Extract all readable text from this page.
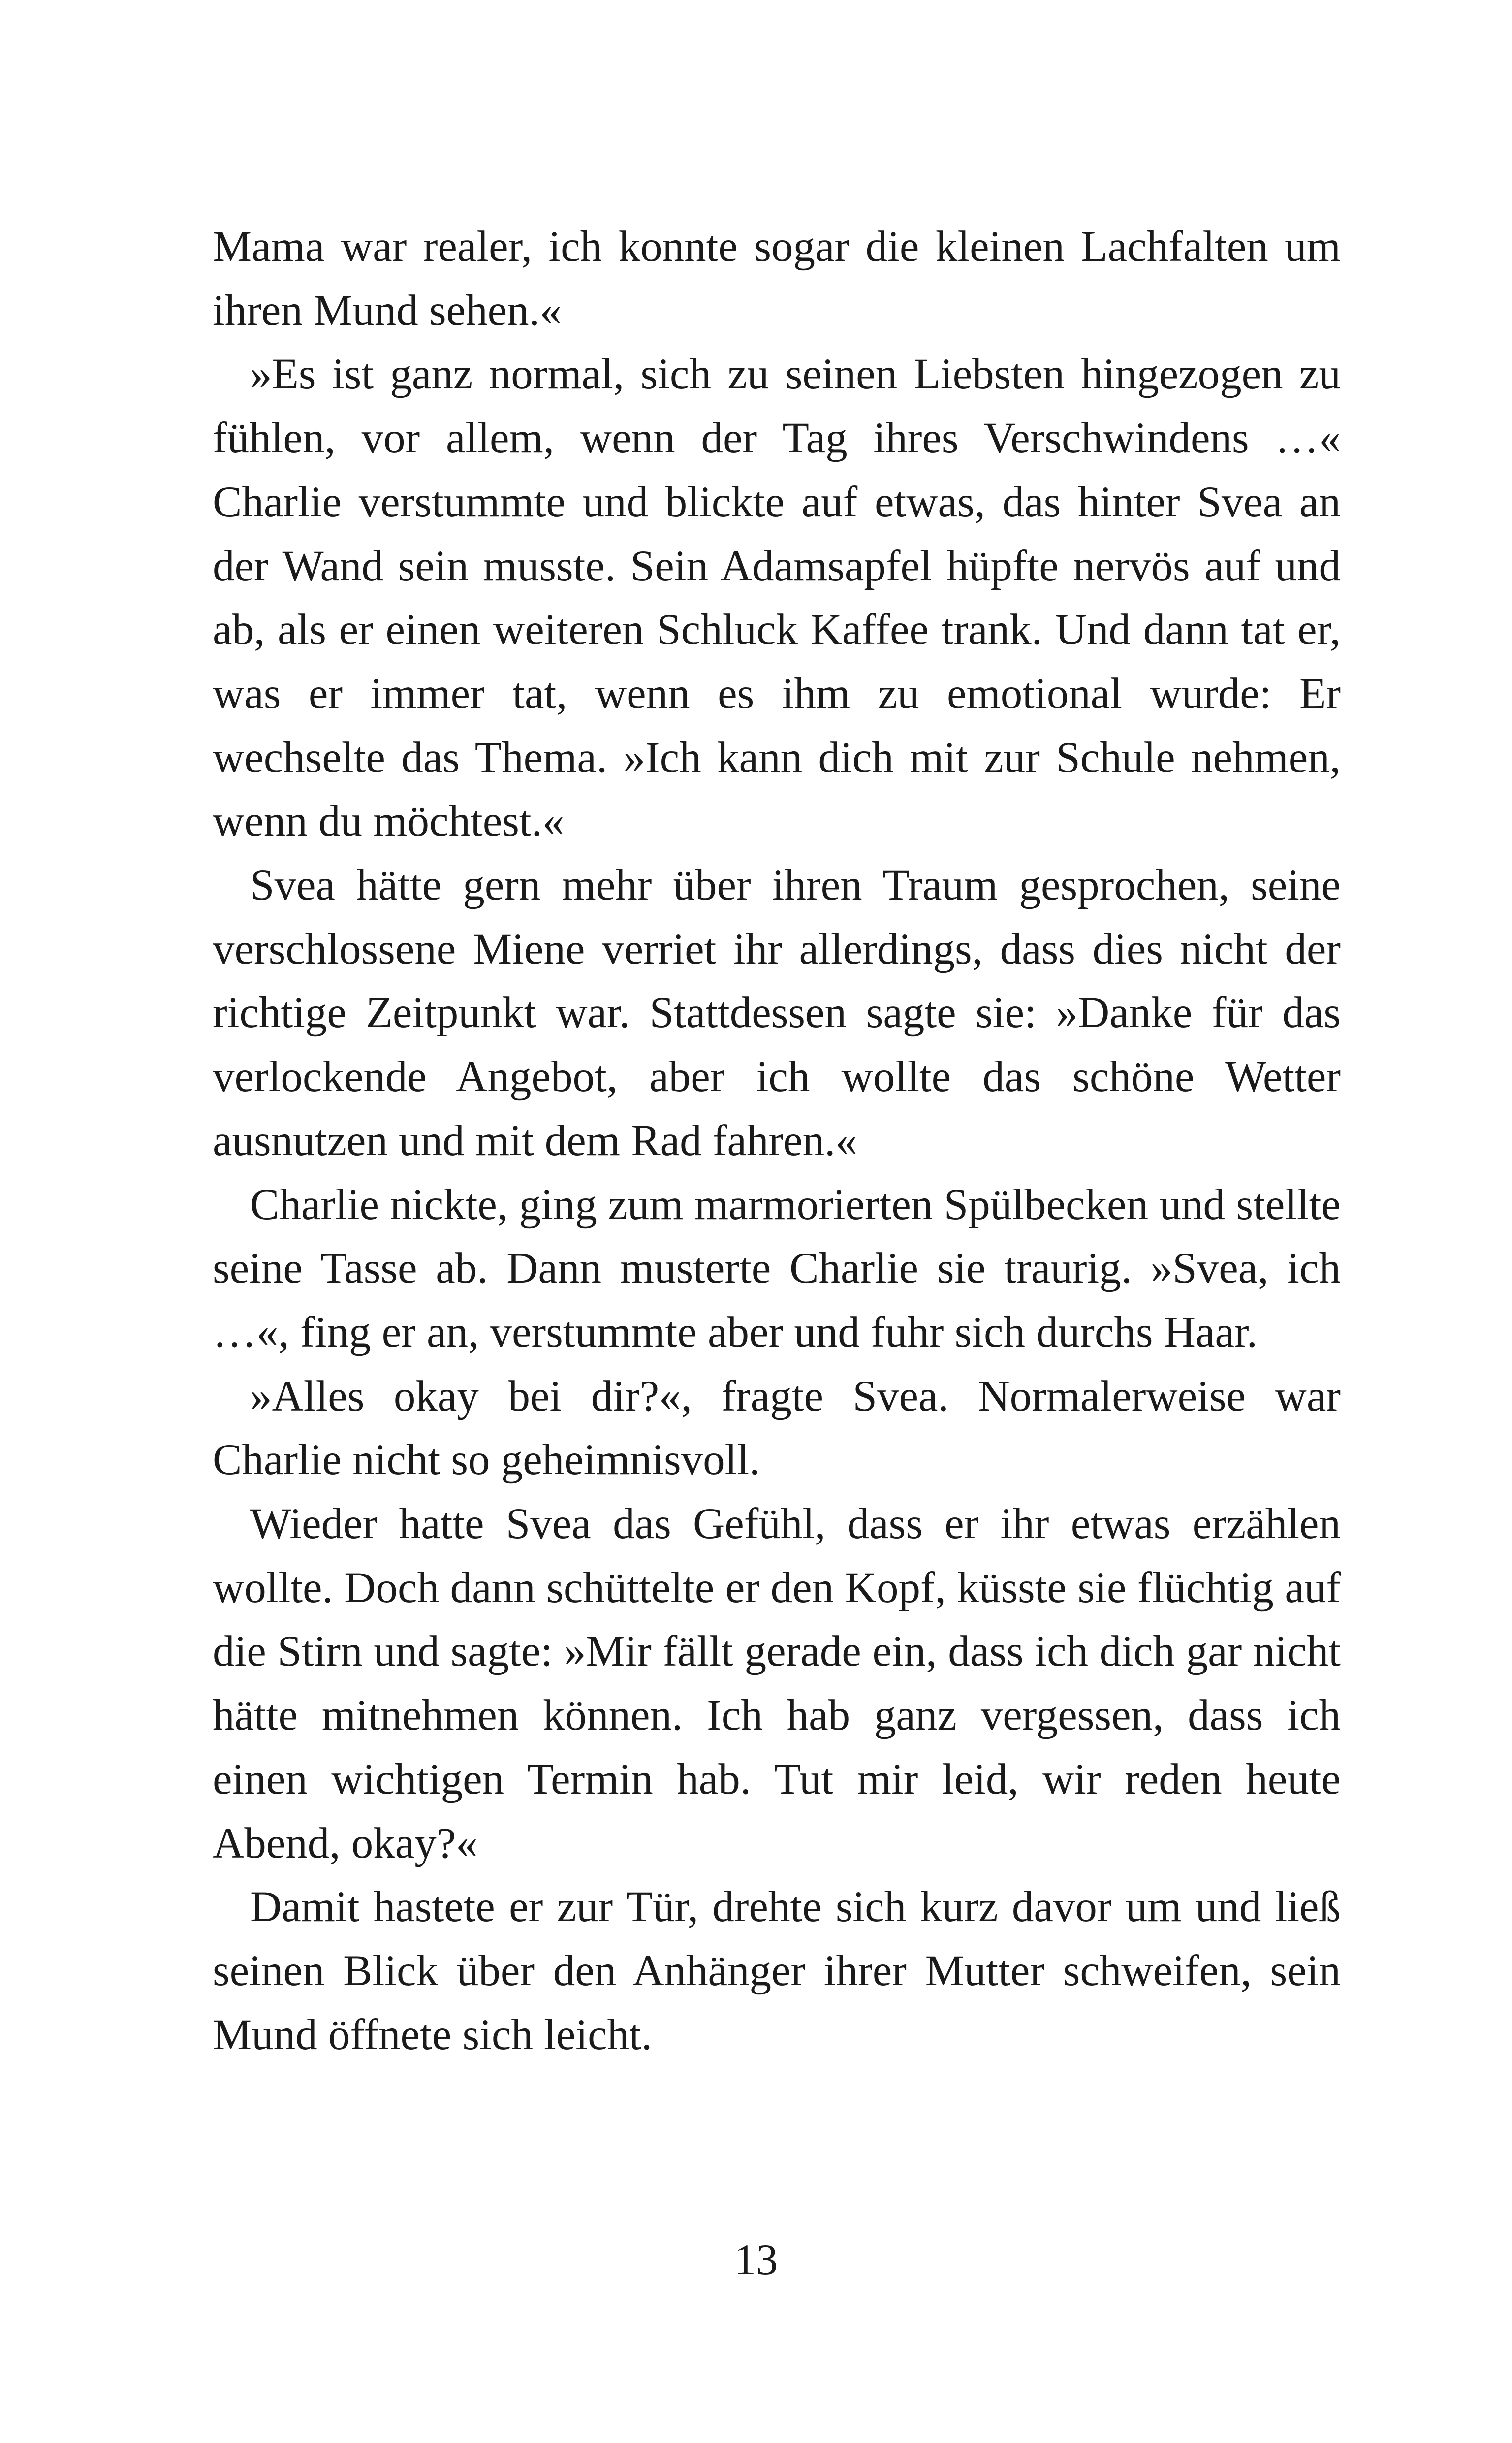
Mama war realer, ich konnte sogar die kleinen Lachfalten um ihren Mund sehen.«

»Es ist ganz normal, sich zu seinen Liebsten hingezogen zu fühlen, vor allem, wenn der Tag ihres Verschwindens …« Charlie verstummte und blickte auf etwas, das hinter Svea an der Wand sein musste. Sein Adamsapfel hüpfte nervös auf und ab, als er einen weiteren Schluck Kaffee trank. Und dann tat er, was er immer tat, wenn es ihm zu emotional wurde: Er wechselte das Thema. »Ich kann dich mit zur Schule nehmen, wenn du möchtest.«

Svea hätte gern mehr über ihren Traum gesprochen, seine verschlossene Miene verriet ihr allerdings, dass dies nicht der richtige Zeitpunkt war. Stattdessen sagte sie: »Danke für das verlockende Angebot, aber ich wollte das schöne Wetter ausnutzen und mit dem Rad fahren.«

Charlie nickte, ging zum marmorierten Spülbecken und stellte seine Tasse ab. Dann musterte Charlie sie traurig. »Svea, ich …«, fing er an, verstummte aber und fuhr sich durchs Haar.

»Alles okay bei dir?«, fragte Svea. Normalerweise war Charlie nicht so geheimnisvoll.

Wieder hatte Svea das Gefühl, dass er ihr etwas erzählen wollte. Doch dann schüttelte er den Kopf, küsste sie flüchtig auf die Stirn und sagte: »Mir fällt gerade ein, dass ich dich gar nicht hätte mitnehmen können. Ich hab ganz vergessen, dass ich einen wichtigen Termin hab. Tut mir leid, wir reden heute Abend, okay?«

Damit hastete er zur Tür, drehte sich kurz davor um und ließ seinen Blick über den Anhänger ihrer Mutter schweifen, sein Mund öffnete sich leicht.

13
